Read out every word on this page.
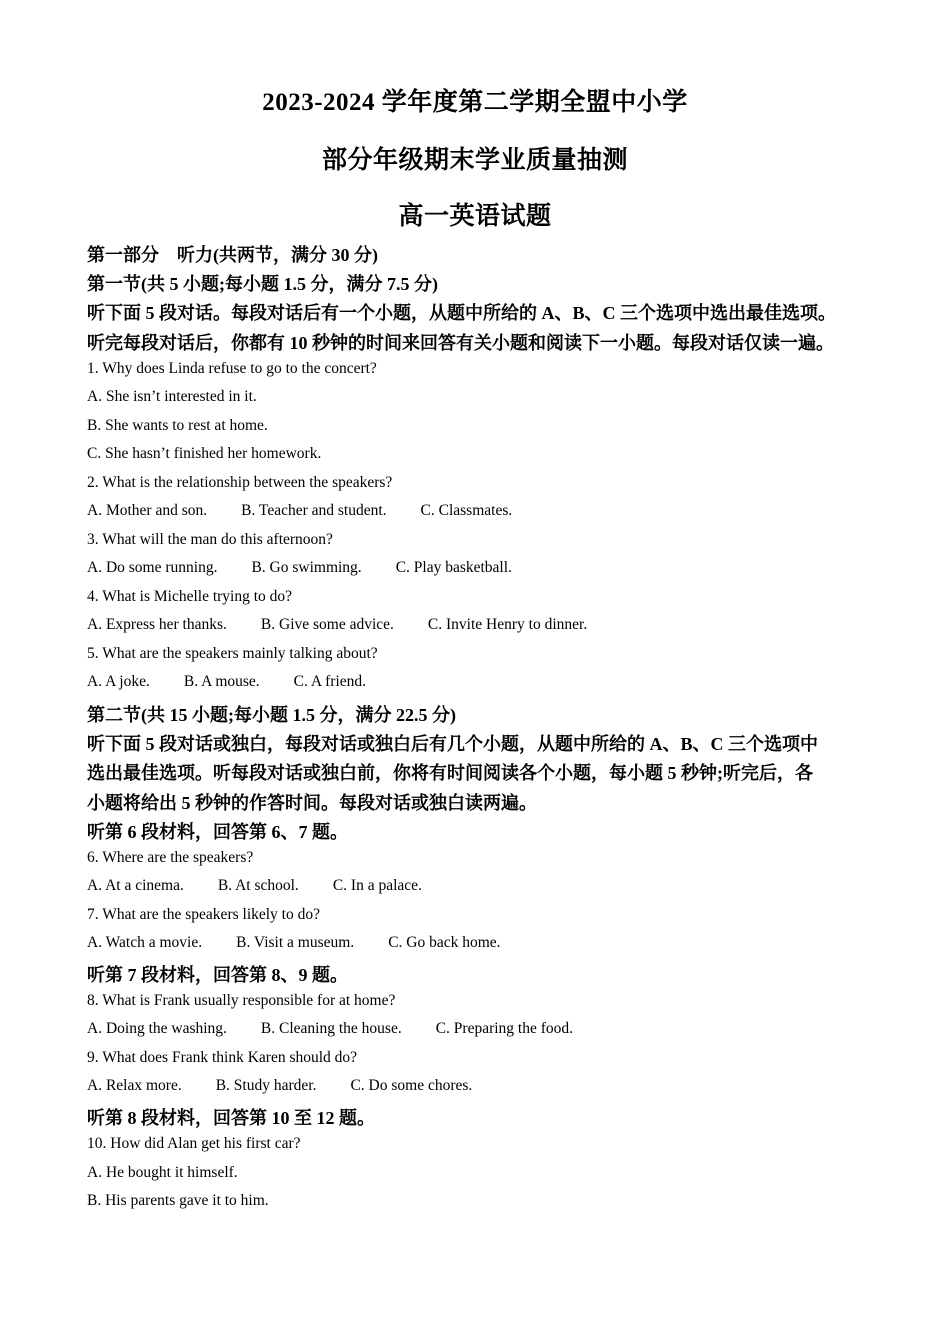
2023-2024 学年度第二学期全盟中小学
部分年级期末学业质量抽测
高一英语试题
第一部分　听力(共两节，满分 30 分)
第一节(共 5 小题;每小题 1.5 分，满分 7.5 分)
听下面 5 段对话。每段对话后有一个小题，从题中所给的 A、B、C 三个选项中选出最佳选项。
听完每段对话后，你都有 10 秒钟的时间来回答有关小题和阅读下一小题。每段对话仅读一遍。
1. Why does Linda refuse to go to the concert?
A. She isn’t interested in it.
B. She wants to rest at home.
C. She hasn’t finished her homework.
2. What is the relationship between the speakers?
A. Mother and son. B. Teacher and student. C. Classmates.
3. What will the man do this afternoon?
A. Do some running. B. Go swimming. C. Play basketball.
4. What is Michelle trying to do?
A. Express her thanks. B. Give some advice. C. Invite Henry to dinner.
5. What are the speakers mainly talking about?
A. A joke. B. A mouse. C. A friend.
第二节(共 15 小题;每小题 1.5 分，满分 22.5 分)
听下面 5 段对话或独白，每段对话或独白后有几个小题，从题中所给的 A、B、C 三个选项中
选出最佳选项。听每段对话或独白前，你将有时间阅读各个小题，每小题 5 秒钟;听完后，各
小题将给出 5 秒钟的作答时间。每段对话或独白读两遍。
听第 6 段材料，回答第 6、7 题。
6. Where are the speakers?
A. At a cinema. B. At school. C. In a palace.
7. What are the speakers likely to do?
A. Watch a movie. B. Visit a museum. C. Go back home.
听第 7 段材料，回答第 8、9 题。
8. What is Frank usually responsible for at home?
A. Doing the washing. B. Cleaning the house. C. Preparing the food.
9. What does Frank think Karen should do?
A. Relax more. B. Study harder. C. Do some chores.
听第 8 段材料，回答第 10 至 12 题。
10. How did Alan get his first car?
A. He bought it himself.
B. His parents gave it to him.
